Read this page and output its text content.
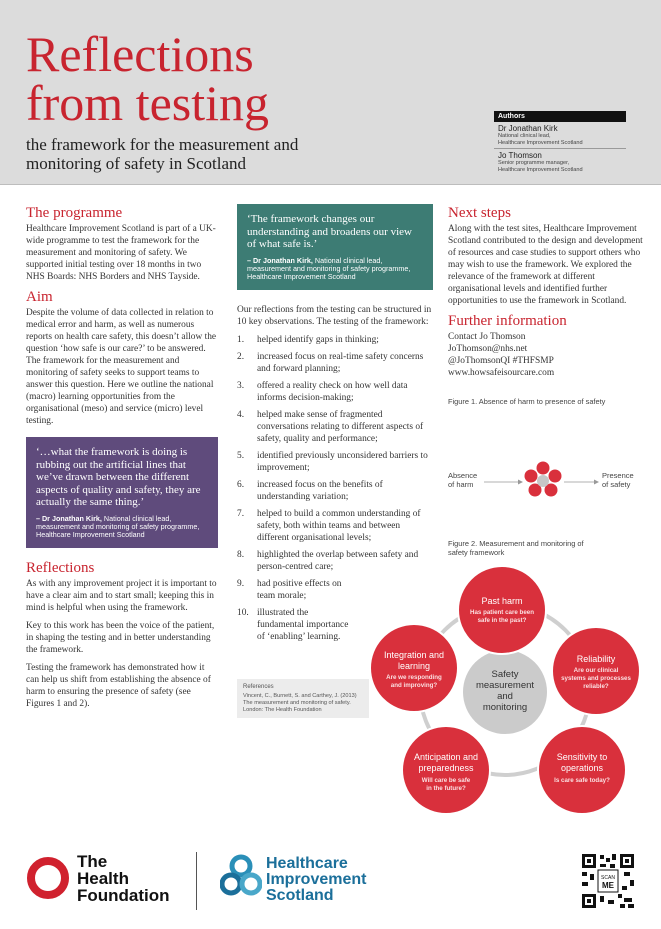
Reflections
from testing
the framework for the measurement and monitoring of safety in Scotland
Authors
Dr Jonathan Kirk
National clinical lead,
Healthcare Improvement Scotland
Jo Thomson
Senior programme manager,
Healthcare Improvement Scotland
The programme

Healthcare Improvement Scotland is part of a UK-wide programme to test the framework for the measurement and monitoring of safety. We supported initial testing over 18 months in two NHS Boards: NHS Borders and NHS Tayside.

Aim

Despite the volume of data collected in relation to medical error and harm, as well as numerous reports on health care safety, this doesn’t allow the question ‘how safe is our care?’ to be answered. The framework for the measurement and monitoring of safety seeks to support teams to answer this question. Here we outline the national (macro) learning opportunities from the organisational (meso) and service (micro) level testing.

‘…what the framework is doing is rubbing out the artificial lines that we’ve drawn between the different aspects of quality and safety, they are actually the same thing.’
– Dr Jonathan Kirk, National clinical lead, measurement and monitoring of safety programme, Healthcare Improvement Scotland
Reflections

As with any improvement project it is important to have a clear aim and to start small; keeping this in mind is helpful when using the framework.

Key to this work has been the voice of the patient, in shaping the testing and in better understanding the framework.

Testing the framework has demonstrated how it can help us shift from establishing the absence of harm to ensuring the presence of safety (see Figures 1 and 2).

‘The framework changes our understanding and broadens our view of what safe is.’
– Dr Jonathan Kirk, National clinical lead, measurement and monitoring of safety programme, Healthcare Improvement Scotland

Our reflections from the testing can be structured in 10 key observations. The testing of the framework:

1.	helped identify gaps in thinking;
2.	increased focus on real-time safety concerns and forward planning;
3.	offered a reality check on how well data informs decision-making;
4.	helped make sense of fragmented conversations relating to different aspects of safety, quality and performance;
5.	identified previously unconsidered barriers to improvement;
6.	increased focus on the benefits of understanding variation;
7.	helped to build a common understanding of safety, both within teams and between different organisational levels;
8.	highlighted the overlap between safety and person-centred care;
9.	had positive effects on team morale;
10. illustrated the fundamental importance of ‘enabling’ learning.
References
Vincent, C., Burnett, S. and Carthey, J. (2013) The measurement and monitoring of safety. London: The Health Foundation
Next steps

Along with the test sites, Healthcare Improvement Scotland contributed to the design and development of resources and case studies to support others who may wish to use the framework. We explored the relevance of the framework at different organisational levels and identified further opportunities to use the framework in Scotland.

Further information
Contact Jo Thomson
JoThomson@nhs.net
@JoThomsonQI #THFSMP
www.howsafeisourcare.com
Figure 1. Absence of harm to presence of safety
Absence
of harm
Presence
of safety
Figure 2. Measurement and monitoring of
safety framework
Safety
measurement
and
monitoring
Past harm
Has patient care been
safe in the past?
Reliability
Are our clinical
systems and processes
reliable?
Sensitivity to
operations
Is care safe today?
Anticipation and
preparedness
Will care be safe
in the future?
Integration and
learning
Are we responding
and improving?
The
Health
Foundation
Healthcare
Improvement
Scotland
SCAN
ME
